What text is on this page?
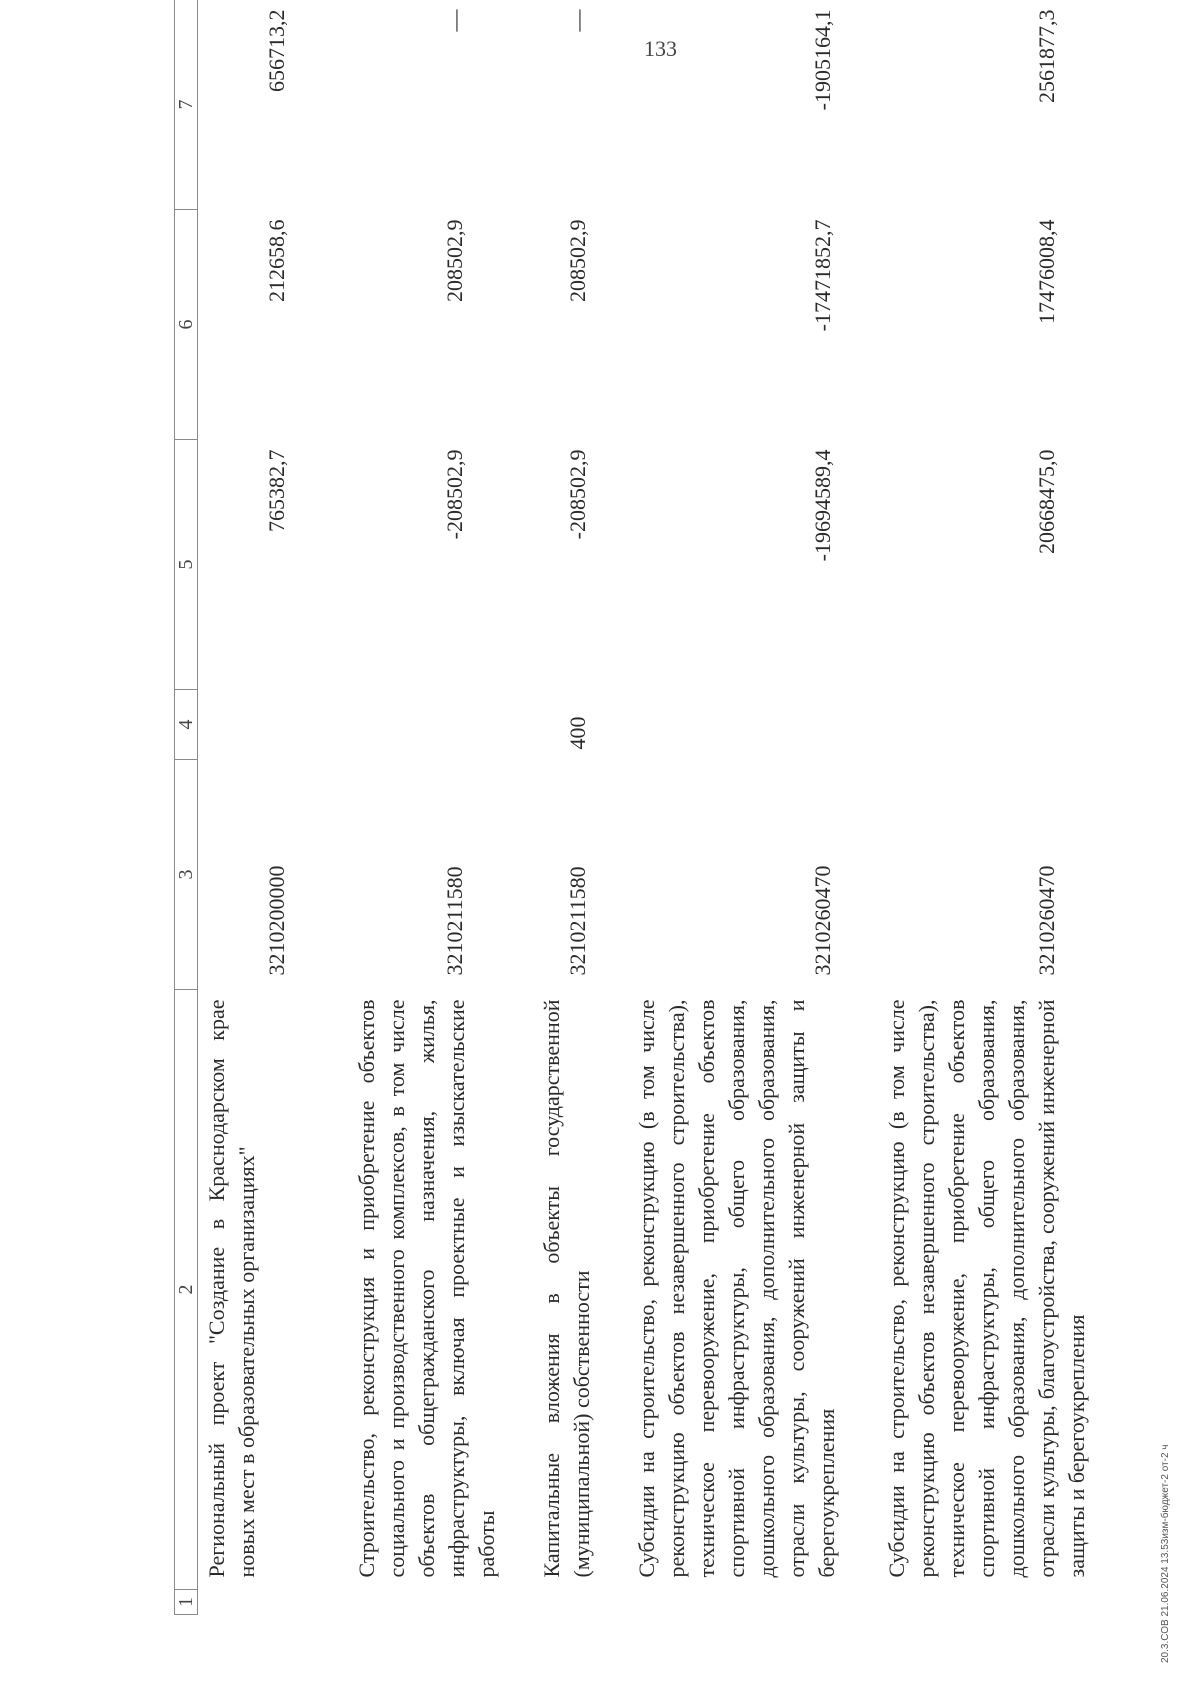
133
1	2	3	4	5	6	7
	Региональный проект "Создание в Краснодарском крае новых мест в образовательных организациях"	3210200000		765382,7	212658,6	656713,2
	Строительство, реконструкция и приобретение объектов социального и производственного комплексов, в том числе объектов общегражданского назначения, жилья, инфраструктуры, включая проектные и изыскательские работы	3210211580		-208502,9	208502,9	—
	Капитальные вложения в объекты государственной (муниципальной) собственности	3210211580	400	-208502,9	208502,9	—
	Субсидии на строительство, реконструкцию (в том числе реконструкцию объектов незавершенного строительства), техническое перевооружение, приобретение объектов спортивной инфраструктуры, общего образования, дошкольного образования, дополнительного образования, отрасли культуры, сооружений инженерной защиты и берегоукрепления	3210260470		-19694589,4	-17471852,7	-1905164,1
	Субсидии на строительство, реконструкцию (в том числе реконструкцию объектов незавершенного строительства), техническое перевооружение, приобретение объектов спортивной инфраструктуры, общего образования, дошкольного образования, дополнительного образования, отрасли культуры, благоустройства, сооружений инженерной защиты и берегоукрепления	3210260470		20668475,0	17476008,4	2561877,3
20.3.СОВ 21.06.2024 13.53изм-бюджет-2 от-2 ч
